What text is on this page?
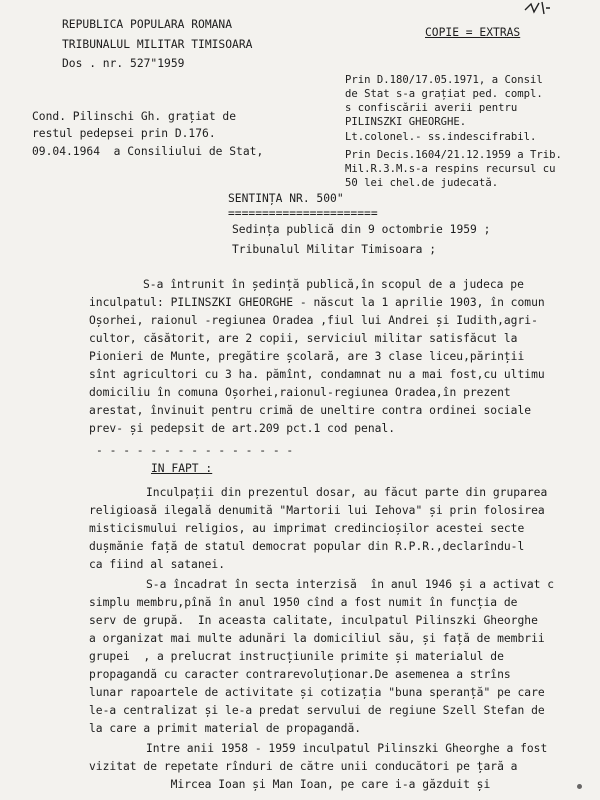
REPUBLICA POPULARA ROMANA
TRIBUNALUL MILITAR TIMISOARA
Dos . nr. 527"1959
COPIE = EXTRAS
Cond. Pilinschi Gh. grațiat de
restul pedepsei prin D.176.
09.04.1964  a Consiliului de Stat,
Prin D.180/17.05.1971, a Consil
de Stat s-a grațiat ped. compl.
s confiscării averii pentru
PILINSZKI GHEORGHE.
Lt.colonel.- ss.indescifrabil.
Prin Decis.1604/21.12.1959 a Trib.
Mil.R.3.M.s-a respins recursul cu
50 lei chel.de judecată.
SENTINȚA NR. 500"
======================
Sedința publică din 9 octombrie 1959 ;
Tribunalul Militar Timisoara ;
S-a întrunit în ședință publică,în scopul de a judeca pe
inculpatul: PILINSZKI GHEORGHE - născut la 1 aprilie 1903, în comun
Oșorhei, raionul -regiunea Oradea ,fiul lui Andrei și Iudith,agri-
cultor, căsătorit, are 2 copii, serviciul militar satisfăcut la
Pionieri de Munte, pregătire școlară, are 3 clase liceu,părinții
sînt agricultori cu 3 ha. pămînt, condamnat nu a mai fost,cu ultimu
domiciliu în comuna Oșorhei,raionul-regiunea Oradea,în prezent
arestat, învinuit pentru crimă de uneltire contra ordinei sociale
prev- și pedepsit de art.209 pct.1 cod penal.
- - - - - - - - - - - - - - -
IN FAPT :
Inculpații din prezentul dosar, au făcut parte din gruparea
religioasă ilegală denumită "Martorii lui Iehova" și prin folosirea
misticismului religios, au imprimat credincioșilor acestei secte
dușmănie față de statul democrat popular din R.P.R.,declarîndu-l
ca fiind al satanei.
S-a încadrat în secta interzisă  în anul 1946 și a activat c
simplu membru,pînă în anul 1950 cînd a fost numit în funcția de
serv de grupă.  In aceasta calitate, inculpatul Pilinszki Gheorghe
a organizat mai multe adunări la domiciliul său, și față de membrii
grupei  , a prelucrat instrucțiunile primite și materialul de
propagandă cu caracter contrarevoluționar.De asemenea a strîns
lunar rapoartele de activitate și cotizația "buna speranță" pe care
le-a centralizat și le-a predat servului de regiune Szell Stefan de
la care a primit material de propagandă.
Intre anii 1958 - 1959 inculpatul Pilinszki Gheorghe a fost
vizitat de repetate rînduri de către unii conducători pe țară a
Mircea Ioan și Man Ioan, pe care i-a găzduit și
